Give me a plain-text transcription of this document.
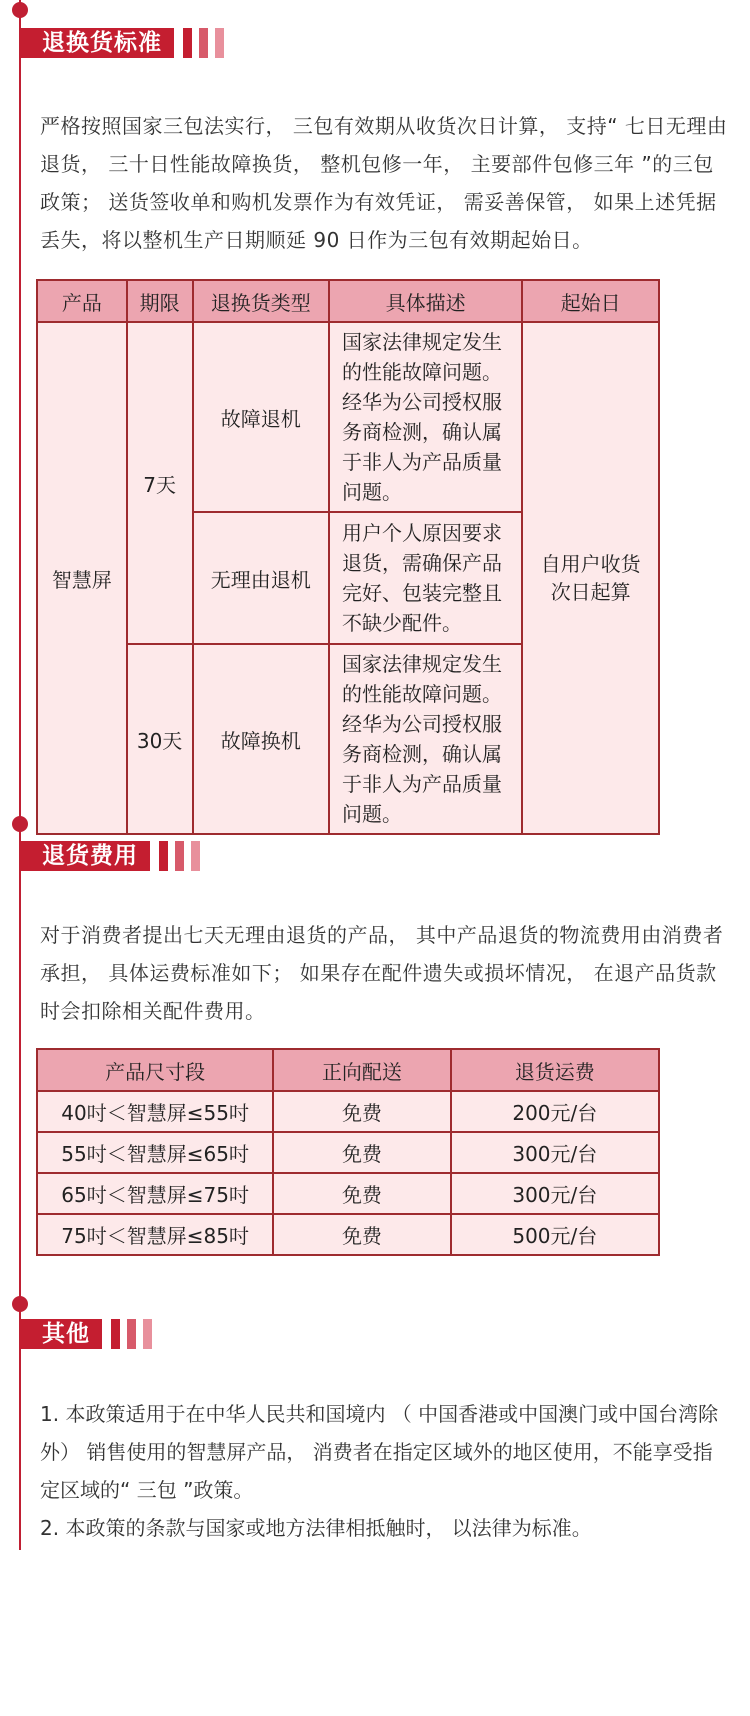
退换货标准

严格按照国家三包法实行， 三包有效期从收货次日计算， 支持“ 七日无理由退货， 三十日性能故障换货， 整机包修一年， 主要部件包修三年 ”的三包政策； 送货签收单和购机发票作为有效凭证， 需妥善保管， 如果上述凭据丢失，将以整机生产日期顺延 90 日作为三包有效期起始日。

产品	期限	退换货类型	具体描述	起始日
智慧屏	7天	故障退机	国家法律规定发生的性能故障问题。经华为公司授权服务商检测，确认属于非人为产品质量问题。	自用户收货次日起算
		无理由退机	用户个人原因要求退货，需确保产品完好、包装完整且不缺少配件。	
	30天	故障换机	国家法律规定发生的性能故障问题。经华为公司授权服务商检测，确认属于非人为产品质量问题。	
退货费用

对于消费者提出七天无理由退货的产品， 其中产品退货的物流费用由消费者承担， 具体运费标准如下； 如果存在配件遗失或损坏情况， 在退产品货款时会扣除相关配件费用。

产品尺寸段	正向配送	退货运费
40吋＜智慧屏≤55吋	免费	200元/台
55吋＜智慧屏≤65吋	免费	300元/台
65吋＜智慧屏≤75吋	免费	300元/台
75吋＜智慧屏≤85吋	免费	500元/台
其他
1. 本政策适用于在中华人民共和国境内 （ 中国香港或中国澳门或中国台湾除外） 销售使用的智慧屏产品， 消费者在指定区域外的地区使用，不能享受指定区域的“ 三包 ”政策。
2. 本政策的条款与国家或地方法律相抵触时， 以法律为标准。
